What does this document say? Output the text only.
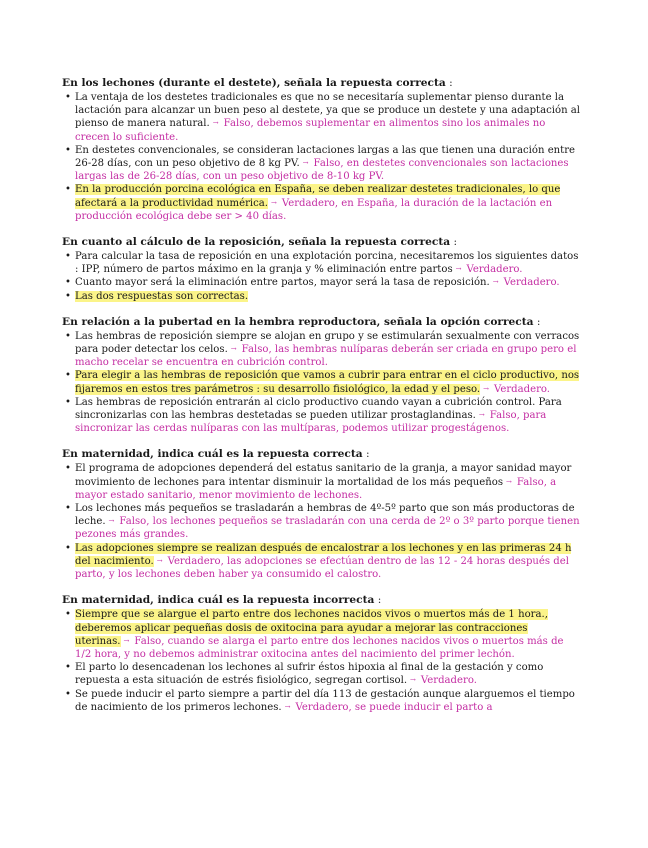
En los lechones (durante el destete), señala la repuesta correcta :
• La ventaja de los destetes tradicionales es que no se necesitaría suplementar pienso durante la lactación para alcanzar un buen peso al destete, ya que se produce un destete y una adaptación al pienso de manera natural. → Falso, debemos suplementar en alimentos sino los animales no crecen lo suficiente.
• En destetes convencionales, se consideran lactaciones largas a las que tienen una duración entre 26-28 días, con un peso objetivo de 8 kg PV. → Falso, en destetes convencionales son lactaciones largas las de 26-28 días, con un peso objetivo de 8-10 kg PV.
• En la producción porcina ecológica en España, se deben realizar destetes tradicionales, lo que afectará a la productividad numérica. → Verdadero, en España, la duración de la lactación en producción ecológica debe ser > 40 días.
En cuanto al cálculo de la reposición, señala la repuesta correcta :
• Para calcular la tasa de reposición en una explotación porcina, necesitaremos los siguientes datos : IPP, número de partos máximo en la granja y % eliminación entre partos → Verdadero.
• Cuanto mayor será la eliminación entre partos, mayor será la tasa de reposición. → Verdadero.
• Las dos respuestas son correctas.
En relación a la pubertad en la hembra reproductora, señala la opción correcta :
• Las hembras de reposición siempre se alojan en grupo y se estimularán sexualmente con verracos para poder detectar los celos. → Falso, las hembras nulíparas deberán ser criada en grupo pero el macho recelar se encuentra en cubrición control.
• Para elegir a las hembras de reposición que vamos a cubrir para entrar en el ciclo productivo, nos fijaremos en estos tres parámetros : su desarrollo fisiológico, la edad y el peso. → Verdadero.
• Las hembras de reposición entrarán al ciclo productivo cuando vayan a cubrición control. Para sincronizarlas con las hembras destetadas se pueden utilizar prostaglandinas. → Falso, para sincronizar las cerdas nulíparas con las multíparas, podemos utilizar progestágenos.
En maternidad, indica cuál es la repuesta correcta :
• El programa de adopciones dependerá del estatus sanitario de la granja, a mayor sanidad mayor movimiento de lechones para intentar disminuir la mortalidad de los más pequeños → Falso, a mayor estado sanitario, menor movimiento de lechones.
• Los lechones más pequeños se trasladarán a hembras de 4º-5º parto que son más productoras de leche. → Falso, los lechones pequeños se trasladarán con una cerda de 2º o 3º parto porque tienen pezones más grandes.
• Las adopciones siempre se realizan después de encalostrar a los lechones y en las primeras 24 h del nacimiento. → Verdadero, las adopciones se efectúan dentro de las 12 - 24 horas después del parto, y los lechones deben haber ya consumido el calostro.
En maternidad, indica cuál es la repuesta incorrecta :
• Siempre que se alargue el parto entre dos lechones nacidos vivos o muertos más de 1 hora., deberemos aplicar pequeñas dosis de oxitocina para ayudar a mejorar las contracciones uterinas. → Falso, cuando se alarga el parto entre dos lechones nacidos vivos o muertos más de 1/2 hora, y no debemos administrar oxitocina antes del nacimiento del primer lechón.
• El parto lo desencadenan los lechones al sufrir éstos hipoxia al final de la gestación y como repuesta a esta situación de estrés fisiológico, segregan cortisol. → Verdadero.
• Se puede inducir el parto siempre a partir del día 113 de gestación aunque alarguemos el tiempo de nacimiento de los primeros lechones. → Verdadero, se puede inducir el parto a
